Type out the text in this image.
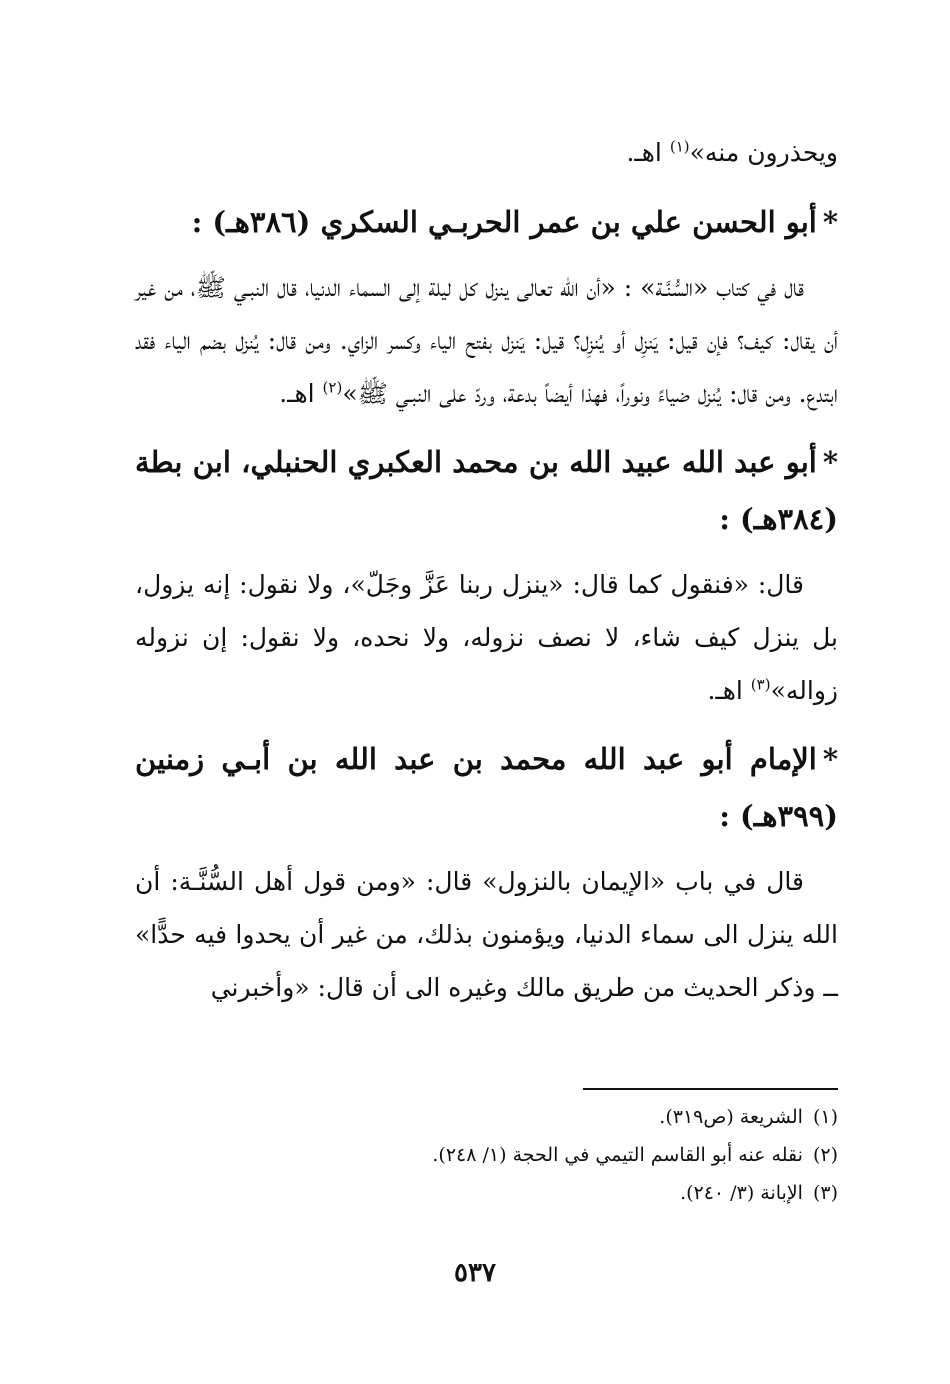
ويحذرون منه»$^{(١)}$ اهـ.

*أبو الحسن علي بن عمر الحربـي السكري (٣٨٦هـ) :

قال في كتاب «السُّنَّـة» : «أن الله تعالى ينزل كل ليلة إلى السماء الدنيا، قال النبـي ﷺ، من غير أن يقال: كيف؟ فإن قيل: يَنزِل أو يُنزِل؟ قيل: يَنزل بفتح الياء وكسر الزاي. ومن قال: يُنزل بضم الياء فقد ابتدع. ومن قال: يُنزل ضياءً ونوراً، فهذا أيضاً بدعة، وردّ على النبـي ﷺ»$^{(٢)}$ اهـ.

*أبو عبد الله عبيد الله بن محمد العكبري الحنبلي، ابن بطة (٣٨٤هـ) :

قال: «فنقول كما قال: «ينزل ربنا عَزَّ وجَلّ»، ولا نقول: إنه يزول، بل ينزل كيف شاء، لا نصف نزوله، ولا نحده، ولا نقول: إن نزوله زواله»$^{(٣)}$ اهـ.

*الإمام أبو عبد الله محمد بن عبد الله بن أبـي زمنين (٣٩٩هـ) :

قال في باب «الإيمان بالنزول» قال: «ومن قول أهل السُّنَّـة: أن الله ينزل الى سماء الدنيا، ويؤمنون بذلك، من غير أن يحدوا فيه حدًّا» ــ وذكر الحديث من طريق مالك وغيره الى أن قال: «وأخبرني

(١)الشريعة (ص٣١٩).

(٢)نقله عنه أبو القاسم التيمي في الحجة (١/ ٢٤٨).

(٣)الإبانة (٣/ ٢٤٠).

٥٣٧
